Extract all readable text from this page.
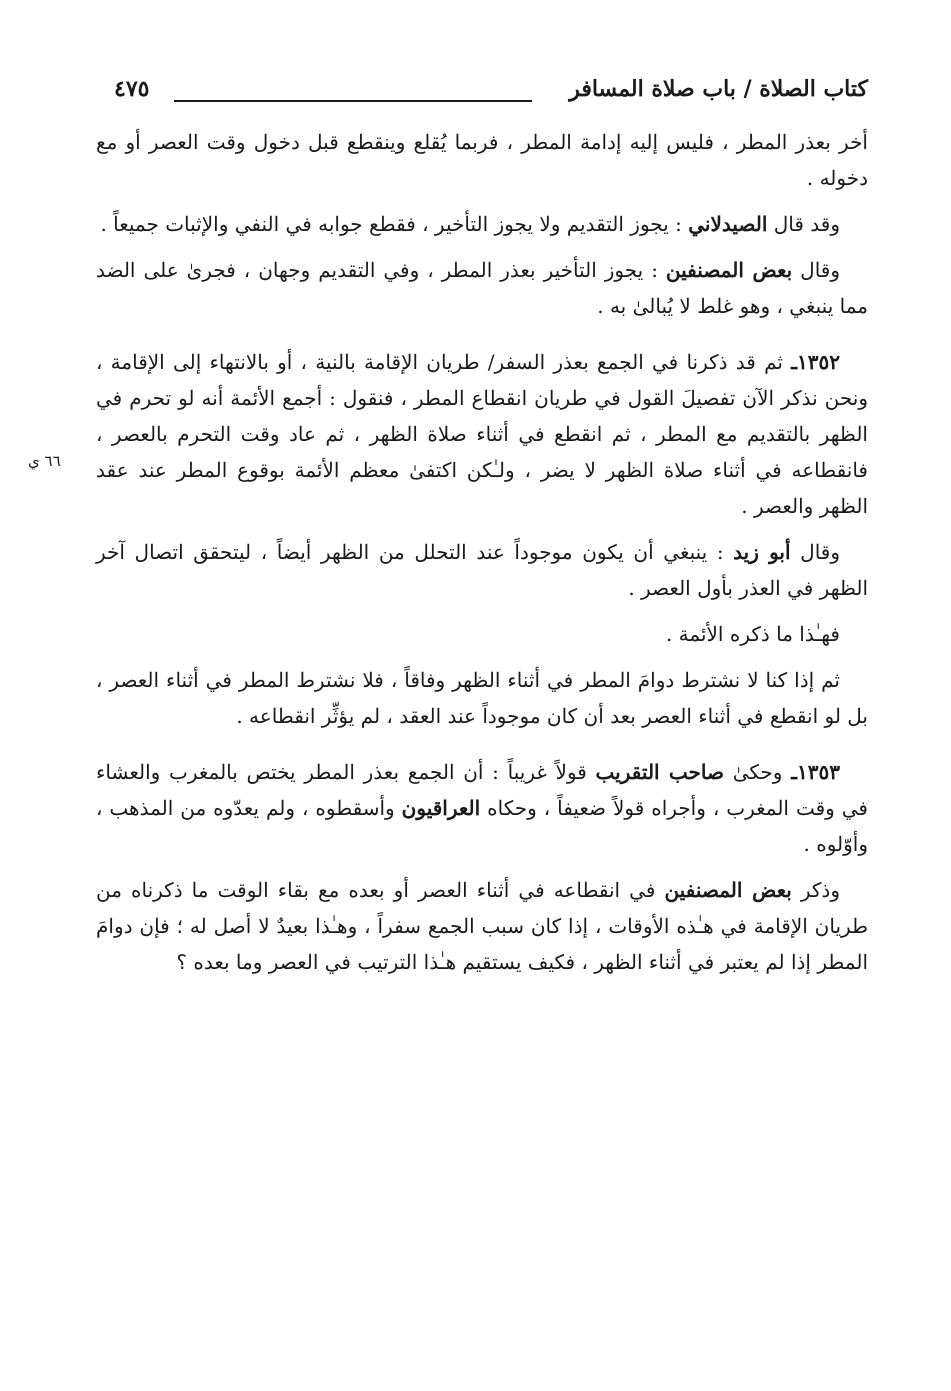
كتاب الصلاة / باب صلاة المسافر
٤٧٥
٦٦ ي

أخر بعذر المطر ، فليس إليه إدامة المطر ، فربما يُقلع وينقطع قبل دخول وقت العصر أو مع دخوله .

وقد قال الصيدلاني : يجوز التقديم ولا يجوز التأخير ، فقطع جوابه في النفي والإثبات جميعاً .

وقال بعض المصنفين : يجوز التأخير بعذر المطر ، وفي التقديم وجهان ، فجرىٰ على الضد مما ينبغي ، وهو غلط لا يُبالىٰ به .

١٣٥٢ـ ثم قد ذكرنا في الجمع بعذر السفر/ طريان الإقامة بالنية ، أو بالانتهاء إلى الإقامة ، ونحن نذكر الآن تفصيلَ القول في طريان انقطاع المطر ، فنقول : أجمع الأئمة أنه لو تحرم في الظهر بالتقديم مع المطر ، ثم انقطع في أثناء صلاة الظهر ، ثم عاد وقت التحرم بالعصر ، فانقطاعه في أثناء صلاة الظهر لا يضر ، ولـٰكن اكتفىٰ معظم الأئمة بوقوع المطر عند عقد الظهر والعصر .

وقال أبو زيد : ينبغي أن يكون موجوداً عند التحلل من الظهر أيضاً ، ليتحقق اتصال آخر الظهر في العذر بأول العصر .

فهـٰذا ما ذكره الأئمة .

ثم إذا كنا لا نشترط دوامَ المطر في أثناء الظهر وفاقاً ، فلا نشترط المطر في أثناء العصر ، بل لو انقطع في أثناء العصر بعد أن كان موجوداً عند العقد ، لم يؤثِّر انقطاعه .

١٣٥٣ـ وحكىٰ صاحب التقريب قولاً غريباً : أن الجمع بعذر المطر يختص بالمغرب والعشاء في وقت المغرب ، وأجراه قولاً ضعيفاً ، وحكاه العراقيون وأسقطوه ، ولم يعدّوه من المذهب ، وأوّلوه .

وذكر بعض المصنفين في انقطاعه في أثناء العصر أو بعده مع بقاء الوقت ما ذكرناه من طريان الإقامة في هـٰذه الأوقات ، إذا كان سبب الجمع سفراً ، وهـٰذا بعيدٌ لا أصل له ؛ فإن دوامَ المطر إذا لم يعتبر في أثناء الظهر ، فكيف يستقيم هـٰذا الترتيب في العصر وما بعده ؟
